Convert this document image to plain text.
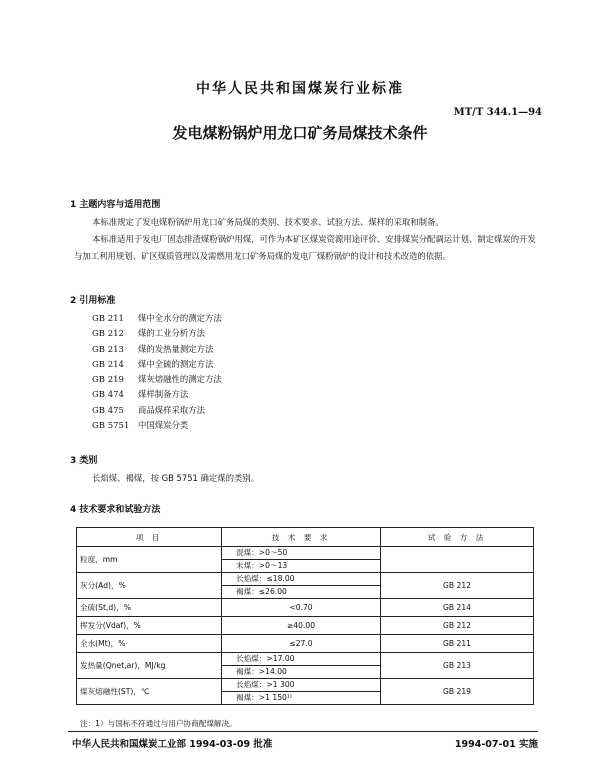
中华人民共和国煤炭行业标准
MT/T 344.1—94
发电煤粉锅炉用龙口矿务局煤技术条件
1 主题内容与适用范围
本标准规定了发电煤粉锅炉用龙口矿务局煤的类别、技术要求、试验方法、煤样的采取和制备。
本标准适用于发电厂固态排渣煤粉锅炉用煤，可作为本矿区煤炭资源用途评价、安排煤炭分配调运计划、制定煤炭的开发与加工利用规划、矿区煤质管理以及需燃用龙口矿务局煤的发电厂煤粉锅炉的设计和技术改造的依据。
2 引用标准
GB 211 煤中全水分的测定方法
GB 212 煤的工业分析方法
GB 213 煤的发热量测定方法
GB 214 煤中全硫的测定方法
GB 219 煤灰熔融性的测定方法
GB 474 煤样制备方法
GB 475 商品煤样采取方法
GB 5751 中国煤炭分类
3 类别
长焰煤、褐煤，按 GB 5751 确定煤的类别。
4 技术要求和试验方法
项 目	技 术 要 求	试 验 方 法
粒度，mm	混煤：>0～50
末煤：>0～13	

灰分(Ad)，%	长焰煤：≤18.00
褐煤：≤26.00	GB 212
全硫(St,d)，%	<0.70	GB 214
挥发分(Vdaf)，%	≥40.00	GB 212
全水(Mt)，%	≤27.0	GB 211
发热量(Qnet,ar)，MJ/kg	长焰煤：>17.00
褐煤：>14.00	GB 213
煤灰熔融性(ST)，℃	长焰煤：>1 300
褐煤：>1 150¹⁾	GB 219
注：1）与国标不符通过与用户协商配煤解决。
中华人民共和国煤炭工业部 1994-03-09 批准	1994-07-01 实施
